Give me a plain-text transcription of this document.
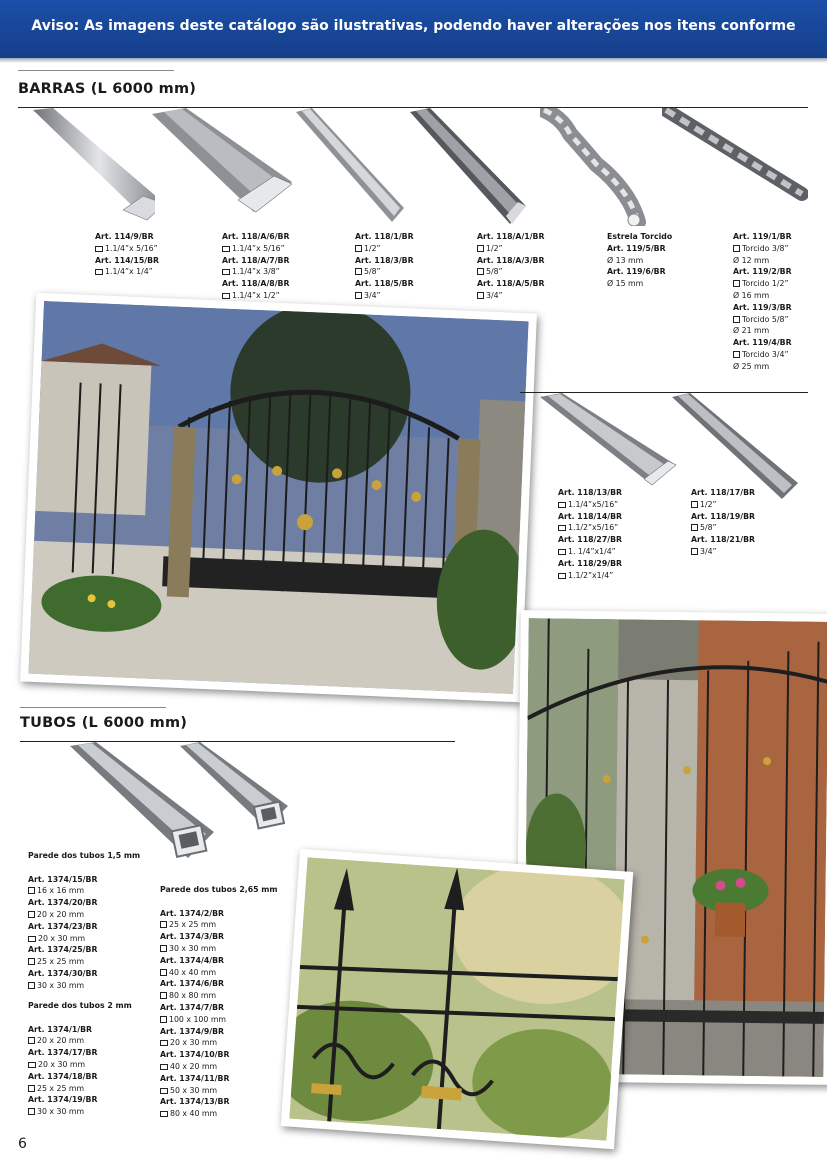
Aviso: As imagens deste catálogo são ilustrativas, podendo haver alterações nos itens conforme fabricação de lote.
BARRAS (L 6000 mm)
Art. 114/9/BR
1.1/4”x 5/16”
Art. 114/15/BR
1.1/4”x 1/4”
Art. 118/A/6/BR
1.1/4”x 5/16”
Art. 118/A/7/BR
1.1/4”x 3/8”
Art. 118/A/8/BR
1.1/4”x 1/2”
Art. 118/1/BR
1/2”
Art. 118/3/BR
5/8”
Art. 118/5/BR
3/4”
Art. 118/A/1/BR
1/2”
Art. 118/A/3/BR
5/8”
Art. 118/A/5/BR
3/4”
Estrela Torcido
Art. 119/5/BR
Ø 13 mm
Art. 119/6/BR
Ø 15 mm
Art. 119/1/BR
Torcido 3/8”
Ø 12 mm
Art. 119/2/BR
Torcido 1/2”
Ø 16 mm
Art. 119/3/BR
Torcido 5/8”
Ø 21 mm
Art. 119/4/BR
Torcido 3/4”
Ø 25 mm
Art. 118/13/BR
1.1/4”x5/16”
Art. 118/14/BR
1.1/2”x5/16”
Art. 118/27/BR
1. 1/4”x1/4”
Art. 118/29/BR
1.1/2”x1/4”
Art. 118/17/BR
1/2”
Art. 118/19/BR
5/8”
Art. 118/21/BR
3/4”
TUBOS (L 6000 mm)
Parede dos tubos 1,5 mm

Art. 1374/15/BR
16 x 16 mm
Art. 1374/20/BR
20 x 20 mm
Art. 1374/23/BR
20 x 30 mm
Art. 1374/25/BR
25 x 25 mm
Art. 1374/30/BR
30 x 30 mm
Parede dos tubos 2 mm

Art. 1374/1/BR
20 x 20 mm
Art. 1374/17/BR
20 x 30 mm
Art. 1374/18/BR
25 x 25 mm
Art. 1374/19/BR
30 x 30 mm
Parede dos tubos 2,65 mm

Art. 1374/2/BR
25 x 25 mm
Art. 1374/3/BR
30 x 30 mm
Art. 1374/4/BR
40 x 40 mm
Art. 1374/6/BR
80 x 80 mm
Art. 1374/7/BR
100 x 100 mm
Art. 1374/9/BR
20 x 30 mm
Art. 1374/10/BR
40 x 20 mm
Art. 1374/11/BR
50 x 30 mm
Art. 1374/13/BR
80 x 40 mm
6
